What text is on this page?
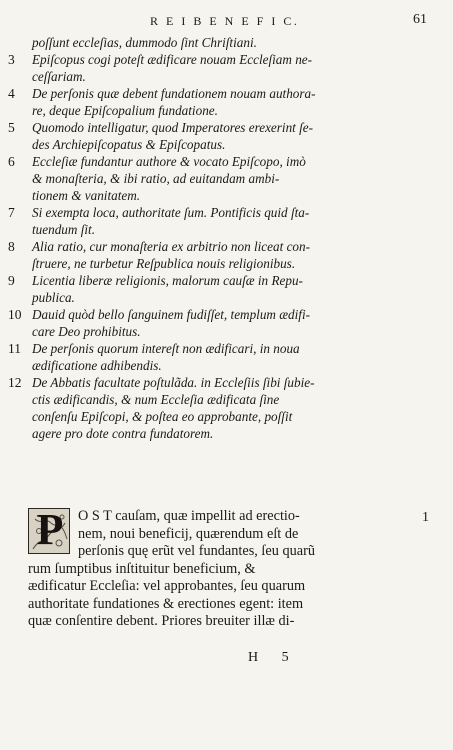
R E I B E N E F I C.	61
poſſunt eccleſias, dummodo ſint Chriſtiani.
3	Epiſcopus cogi poteſt ædificare nouam Eccleſiam ne-
ceſſariam.
4	De perſonis quæ debent fundationem nouam authora-
re, deque Epiſcopalium fundatione.
5	Quomodo intelligatur, quod Imperatores erexerint ſe-
des Archiepiſcopatus & Epiſcopatus.
6	Eccleſiæ fundantur authore & vocato Epiſcopo, imò
& monaſteria, & ibi ratio, ad euitandam ambi-
tionem & vanitatem.
7	Si exempta loca, authoritate ſum. Pontificis quid ſta-
tuendum ſit.
8	Alia ratio, cur monaſteria ex arbitrio non liceat con-
ſtruere, ne turbetur Reſpublica nouis religionibus.
9	Licentia liberæ religionis, malorum cauſæ in Repu-
publica.
10 Dauid quòd bello ſanguinem fudiſſet, templum ædifi-
care Deo prohibitus.
11 De perſonis quorum intereſt non ædificari, in noua
ædificatione adhibendis.
12 De Abbatis facultate poſtulãda. in Eccleſiis ſibi ſubie-
ctis ædificandis, & num Eccleſia ædificata ſine
conſenſu Epiſcopi, & poſtea eo approbante, poſſit
agere pro dote contra fundatorem.
P	O S T cauſam, quæ impellit ad erectio-
nem, noui beneficij, quærendum eſt de
perſonis quę erũt vel fundantes, ſeu quarũ
rum ſumptibus inſtituitur beneficium, &
ædificatur Eccleſia: vel approbantes, ſeu quarum
authoritate fundationes & erectiones egent: item
quæ conſentire debent. Priores breuiter illæ di-
1
H 5
